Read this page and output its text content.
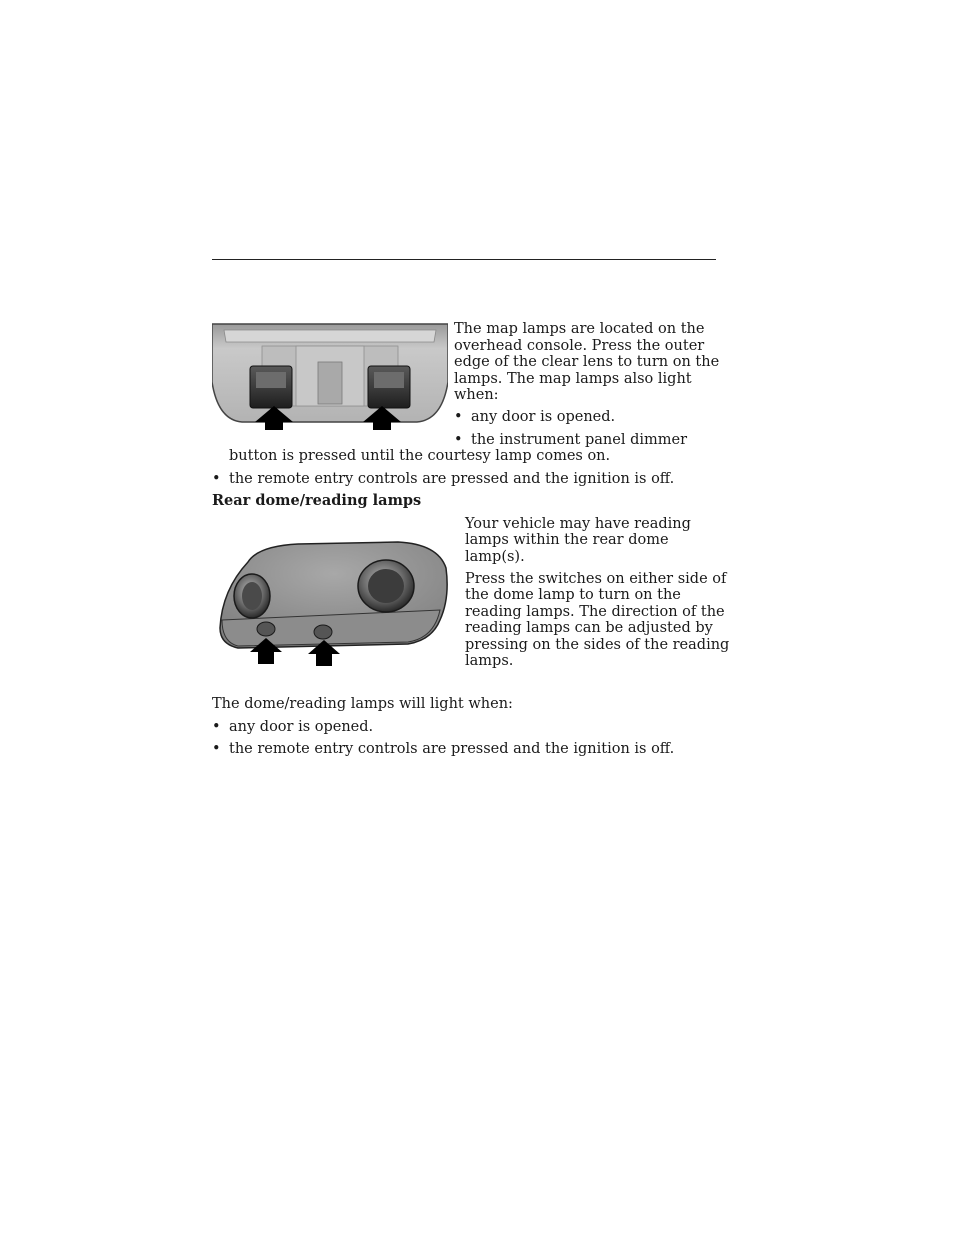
The map lamps are located on the

overhead console. Press the outer

edge of the clear lens to turn on the

lamps. The map lamps also light

when:

• any door is opened.
• the instrument panel dimmer

button is pressed until the courtesy lamp comes on.

• the remote entry controls are pressed and the ignition is off.
Rear dome/reading lamps

Your vehicle may have reading

lamps within the rear dome

lamp(s).

Press the switches on either side of

the dome lamp to turn on the

reading lamps. The direction of the

reading lamps can be adjusted by

pressing on the sides of the reading

lamps.

The dome/reading lamps will light when:

• any door is opened.
• the remote entry controls are pressed and the ignition is off.
